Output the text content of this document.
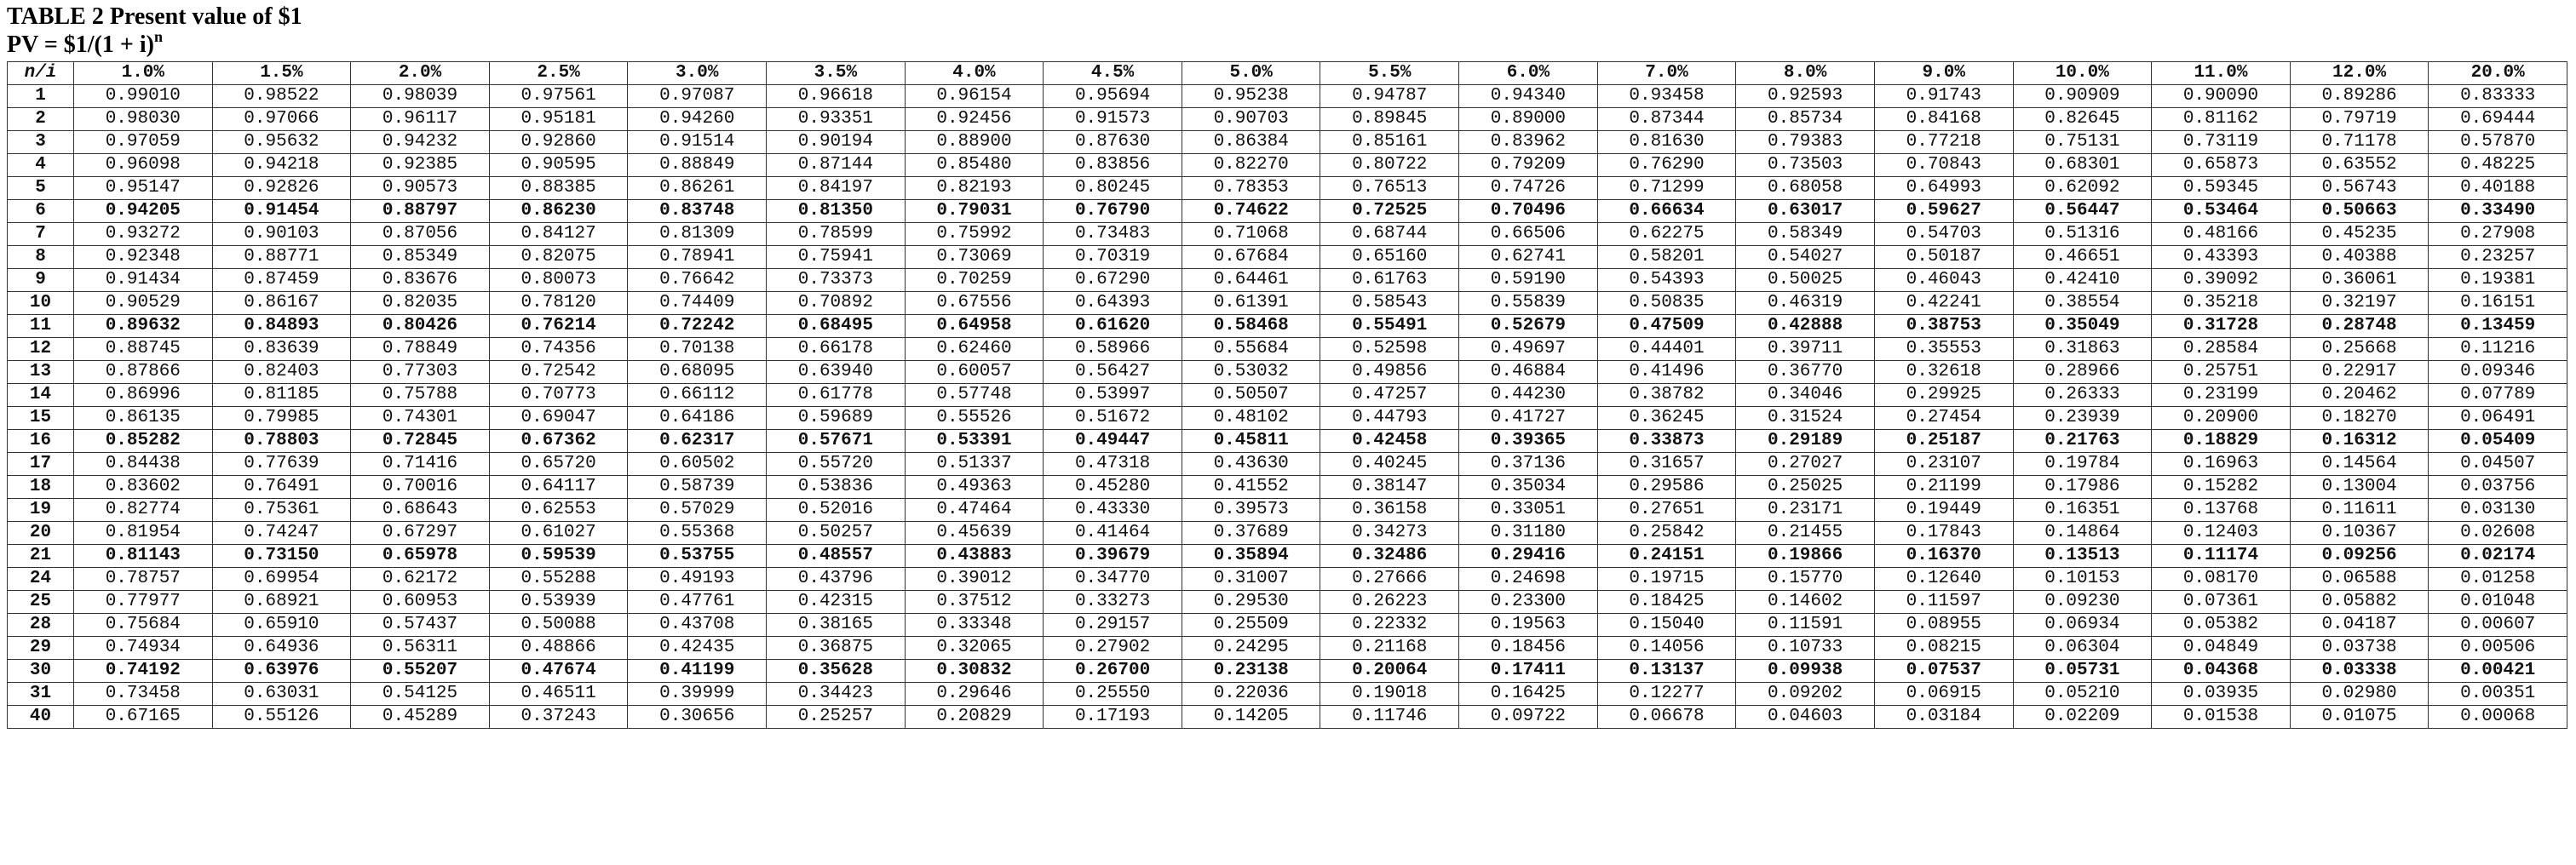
TABLE 2 Present value of $1
PV = $1/(1 + i)$^n$
n/i	1.0%	1.5%	2.0%	2.5%	3.0%	3.5%	4.0%	4.5%	5.0%	5.5%	6.0%	7.0%	8.0%	9.0%	10.0%	11.0%	12.0%	20.0%
1	0.99010	0.98522	0.98039	0.97561	0.97087	0.96618	0.96154	0.95694	0.95238	0.94787	0.94340	0.93458	0.92593	0.91743	0.90909	0.90090	0.89286	0.83333
2	0.98030	0.97066	0.96117	0.95181	0.94260	0.93351	0.92456	0.91573	0.90703	0.89845	0.89000	0.87344	0.85734	0.84168	0.82645	0.81162	0.79719	0.69444
3	0.97059	0.95632	0.94232	0.92860	0.91514	0.90194	0.88900	0.87630	0.86384	0.85161	0.83962	0.81630	0.79383	0.77218	0.75131	0.73119	0.71178	0.57870
4	0.96098	0.94218	0.92385	0.90595	0.88849	0.87144	0.85480	0.83856	0.82270	0.80722	0.79209	0.76290	0.73503	0.70843	0.68301	0.65873	0.63552	0.48225
5	0.95147	0.92826	0.90573	0.88385	0.86261	0.84197	0.82193	0.80245	0.78353	0.76513	0.74726	0.71299	0.68058	0.64993	0.62092	0.59345	0.56743	0.40188
6	0.94205	0.91454	0.88797	0.86230	0.83748	0.81350	0.79031	0.76790	0.74622	0.72525	0.70496	0.66634	0.63017	0.59627	0.56447	0.53464	0.50663	0.33490
7	0.93272	0.90103	0.87056	0.84127	0.81309	0.78599	0.75992	0.73483	0.71068	0.68744	0.66506	0.62275	0.58349	0.54703	0.51316	0.48166	0.45235	0.27908
8	0.92348	0.88771	0.85349	0.82075	0.78941	0.75941	0.73069	0.70319	0.67684	0.65160	0.62741	0.58201	0.54027	0.50187	0.46651	0.43393	0.40388	0.23257
9	0.91434	0.87459	0.83676	0.80073	0.76642	0.73373	0.70259	0.67290	0.64461	0.61763	0.59190	0.54393	0.50025	0.46043	0.42410	0.39092	0.36061	0.19381
10	0.90529	0.86167	0.82035	0.78120	0.74409	0.70892	0.67556	0.64393	0.61391	0.58543	0.55839	0.50835	0.46319	0.42241	0.38554	0.35218	0.32197	0.16151
11	0.89632	0.84893	0.80426	0.76214	0.72242	0.68495	0.64958	0.61620	0.58468	0.55491	0.52679	0.47509	0.42888	0.38753	0.35049	0.31728	0.28748	0.13459
12	0.88745	0.83639	0.78849	0.74356	0.70138	0.66178	0.62460	0.58966	0.55684	0.52598	0.49697	0.44401	0.39711	0.35553	0.31863	0.28584	0.25668	0.11216
13	0.87866	0.82403	0.77303	0.72542	0.68095	0.63940	0.60057	0.56427	0.53032	0.49856	0.46884	0.41496	0.36770	0.32618	0.28966	0.25751	0.22917	0.09346
14	0.86996	0.81185	0.75788	0.70773	0.66112	0.61778	0.57748	0.53997	0.50507	0.47257	0.44230	0.38782	0.34046	0.29925	0.26333	0.23199	0.20462	0.07789
15	0.86135	0.79985	0.74301	0.69047	0.64186	0.59689	0.55526	0.51672	0.48102	0.44793	0.41727	0.36245	0.31524	0.27454	0.23939	0.20900	0.18270	0.06491
16	0.85282	0.78803	0.72845	0.67362	0.62317	0.57671	0.53391	0.49447	0.45811	0.42458	0.39365	0.33873	0.29189	0.25187	0.21763	0.18829	0.16312	0.05409
17	0.84438	0.77639	0.71416	0.65720	0.60502	0.55720	0.51337	0.47318	0.43630	0.40245	0.37136	0.31657	0.27027	0.23107	0.19784	0.16963	0.14564	0.04507
18	0.83602	0.76491	0.70016	0.64117	0.58739	0.53836	0.49363	0.45280	0.41552	0.38147	0.35034	0.29586	0.25025	0.21199	0.17986	0.15282	0.13004	0.03756
19	0.82774	0.75361	0.68643	0.62553	0.57029	0.52016	0.47464	0.43330	0.39573	0.36158	0.33051	0.27651	0.23171	0.19449	0.16351	0.13768	0.11611	0.03130
20	0.81954	0.74247	0.67297	0.61027	0.55368	0.50257	0.45639	0.41464	0.37689	0.34273	0.31180	0.25842	0.21455	0.17843	0.14864	0.12403	0.10367	0.02608
21	0.81143	0.73150	0.65978	0.59539	0.53755	0.48557	0.43883	0.39679	0.35894	0.32486	0.29416	0.24151	0.19866	0.16370	0.13513	0.11174	0.09256	0.02174
24	0.78757	0.69954	0.62172	0.55288	0.49193	0.43796	0.39012	0.34770	0.31007	0.27666	0.24698	0.19715	0.15770	0.12640	0.10153	0.08170	0.06588	0.01258
25	0.77977	0.68921	0.60953	0.53939	0.47761	0.42315	0.37512	0.33273	0.29530	0.26223	0.23300	0.18425	0.14602	0.11597	0.09230	0.07361	0.05882	0.01048
28	0.75684	0.65910	0.57437	0.50088	0.43708	0.38165	0.33348	0.29157	0.25509	0.22332	0.19563	0.15040	0.11591	0.08955	0.06934	0.05382	0.04187	0.00607
29	0.74934	0.64936	0.56311	0.48866	0.42435	0.36875	0.32065	0.27902	0.24295	0.21168	0.18456	0.14056	0.10733	0.08215	0.06304	0.04849	0.03738	0.00506
30	0.74192	0.63976	0.55207	0.47674	0.41199	0.35628	0.30832	0.26700	0.23138	0.20064	0.17411	0.13137	0.09938	0.07537	0.05731	0.04368	0.03338	0.00421
31	0.73458	0.63031	0.54125	0.46511	0.39999	0.34423	0.29646	0.25550	0.22036	0.19018	0.16425	0.12277	0.09202	0.06915	0.05210	0.03935	0.02980	0.00351
40	0.67165	0.55126	0.45289	0.37243	0.30656	0.25257	0.20829	0.17193	0.14205	0.11746	0.09722	0.06678	0.04603	0.03184	0.02209	0.01538	0.01075	0.00068
